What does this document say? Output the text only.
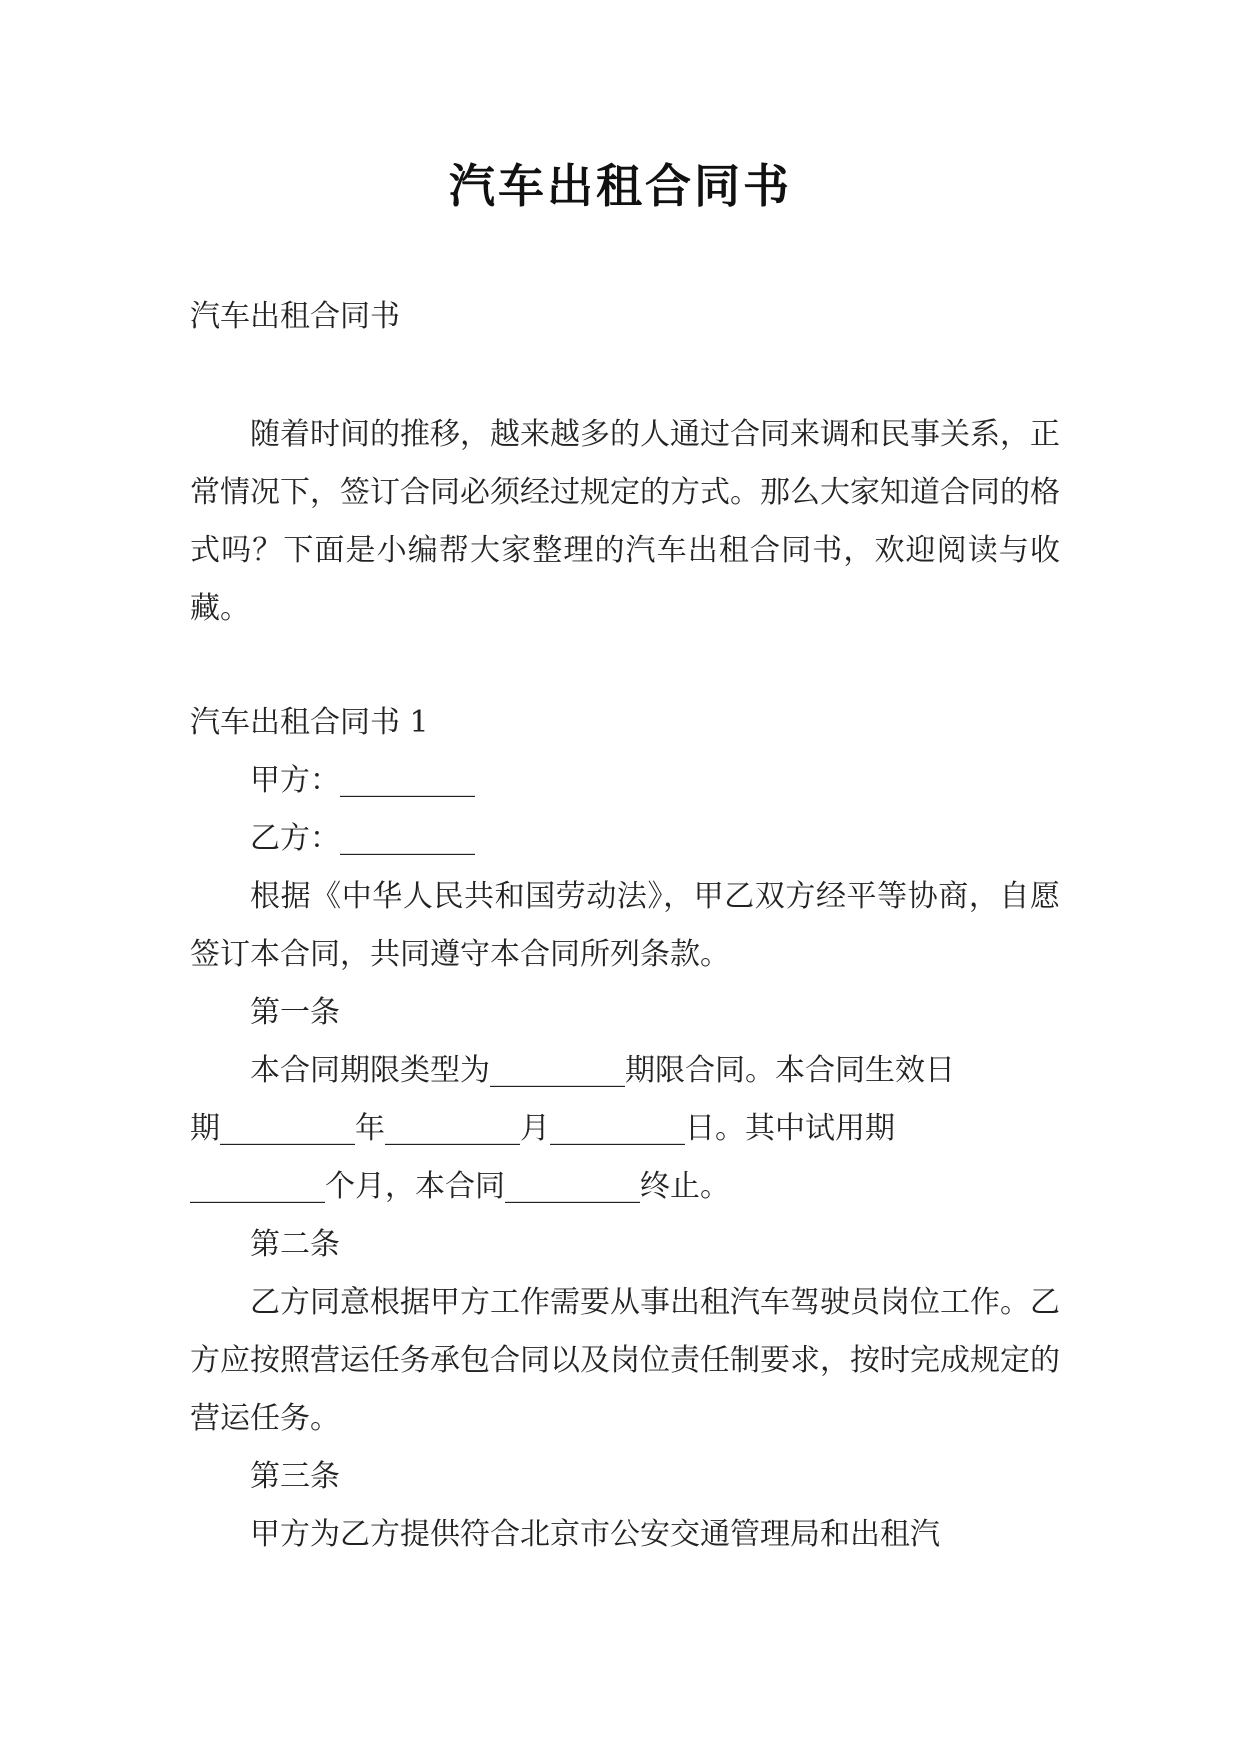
汽车出租合同书

汽车出租合同书

随着时间的推移，越来越多的人通过合同来调和民事关系，正常情况下，签订合同必须经过规定的方式。那么大家知道合同的格式吗？下面是小编帮大家整理的汽车出租合同书，欢迎阅读与收藏。

汽车出租合同书 1

甲方：_________

乙方：_________

根据《中华人民共和国劳动法》，甲乙双方经平等协商，自愿签订本合同，共同遵守本合同所列条款。

第一条

本合同期限类型为_________期限合同。本合同生效日

期_________年_________月_________日。其中试用期

_________个月，本合同_________终止。

第二条

乙方同意根据甲方工作需要从事出租汽车驾驶员岗位工作。乙方应按照营运任务承包合同以及岗位责任制要求，按时完成规定的营运任务。

第三条

甲方为乙方提供符合北京市公安交通管理局和出租汽
